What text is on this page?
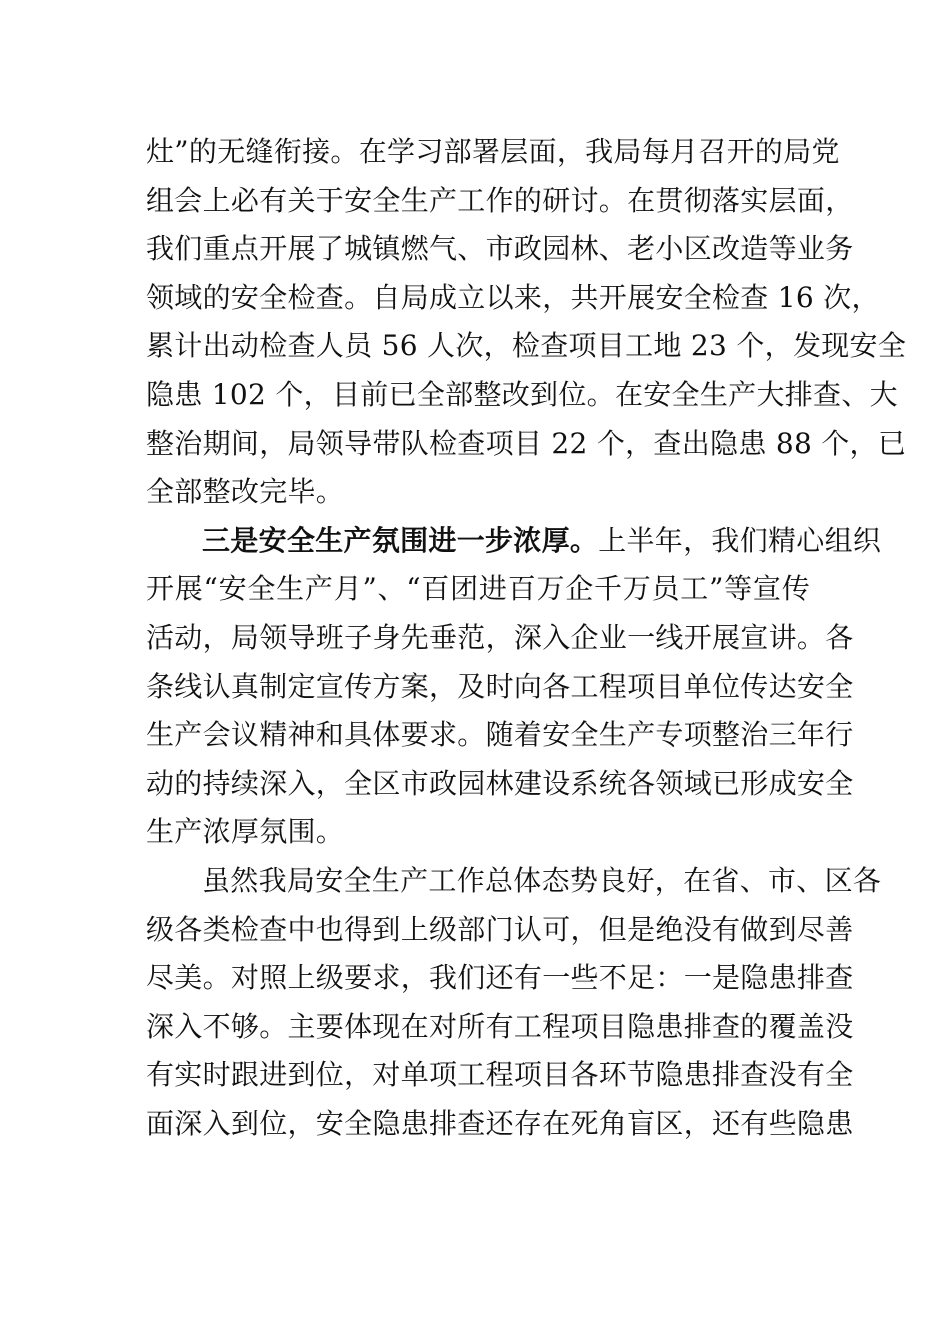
灶”的无缝衔接。在学习部署层面，我局每月召开的局党
组会上必有关于安全生产工作的研讨。在贯彻落实层面，
我们重点开展了城镇燃气、市政园林、老小区改造等业务
领域的安全检查。自局成立以来，共开展安全检查 16 次，
累计出动检查人员 56 人次，检查项目工地 23 个，发现安全
隐患 102 个，目前已全部整改到位。在安全生产大排查、大
整治期间，局领导带队检查项目 22 个，查出隐患 88 个，已
全部整改完毕。
三是安全生产氛围进一步浓厚。上半年，我们精心组织
开展“安全生产月”、“百团进百万企千万员工”等宣传
活动，局领导班子身先垂范，深入企业一线开展宣讲。各
条线认真制定宣传方案，及时向各工程项目单位传达安全
生产会议精神和具体要求。随着安全生产专项整治三年行
动的持续深入，全区市政园林建设系统各领域已形成安全
生产浓厚氛围。
虽然我局安全生产工作总体态势良好，在省、市、区各
级各类检查中也得到上级部门认可，但是绝没有做到尽善
尽美。对照上级要求，我们还有一些不足：一是隐患排查
深入不够。主要体现在对所有工程项目隐患排查的覆盖没
有实时跟进到位，对单项工程项目各环节隐患排查没有全
面深入到位，安全隐患排查还存在死角盲区，还有些隐患
